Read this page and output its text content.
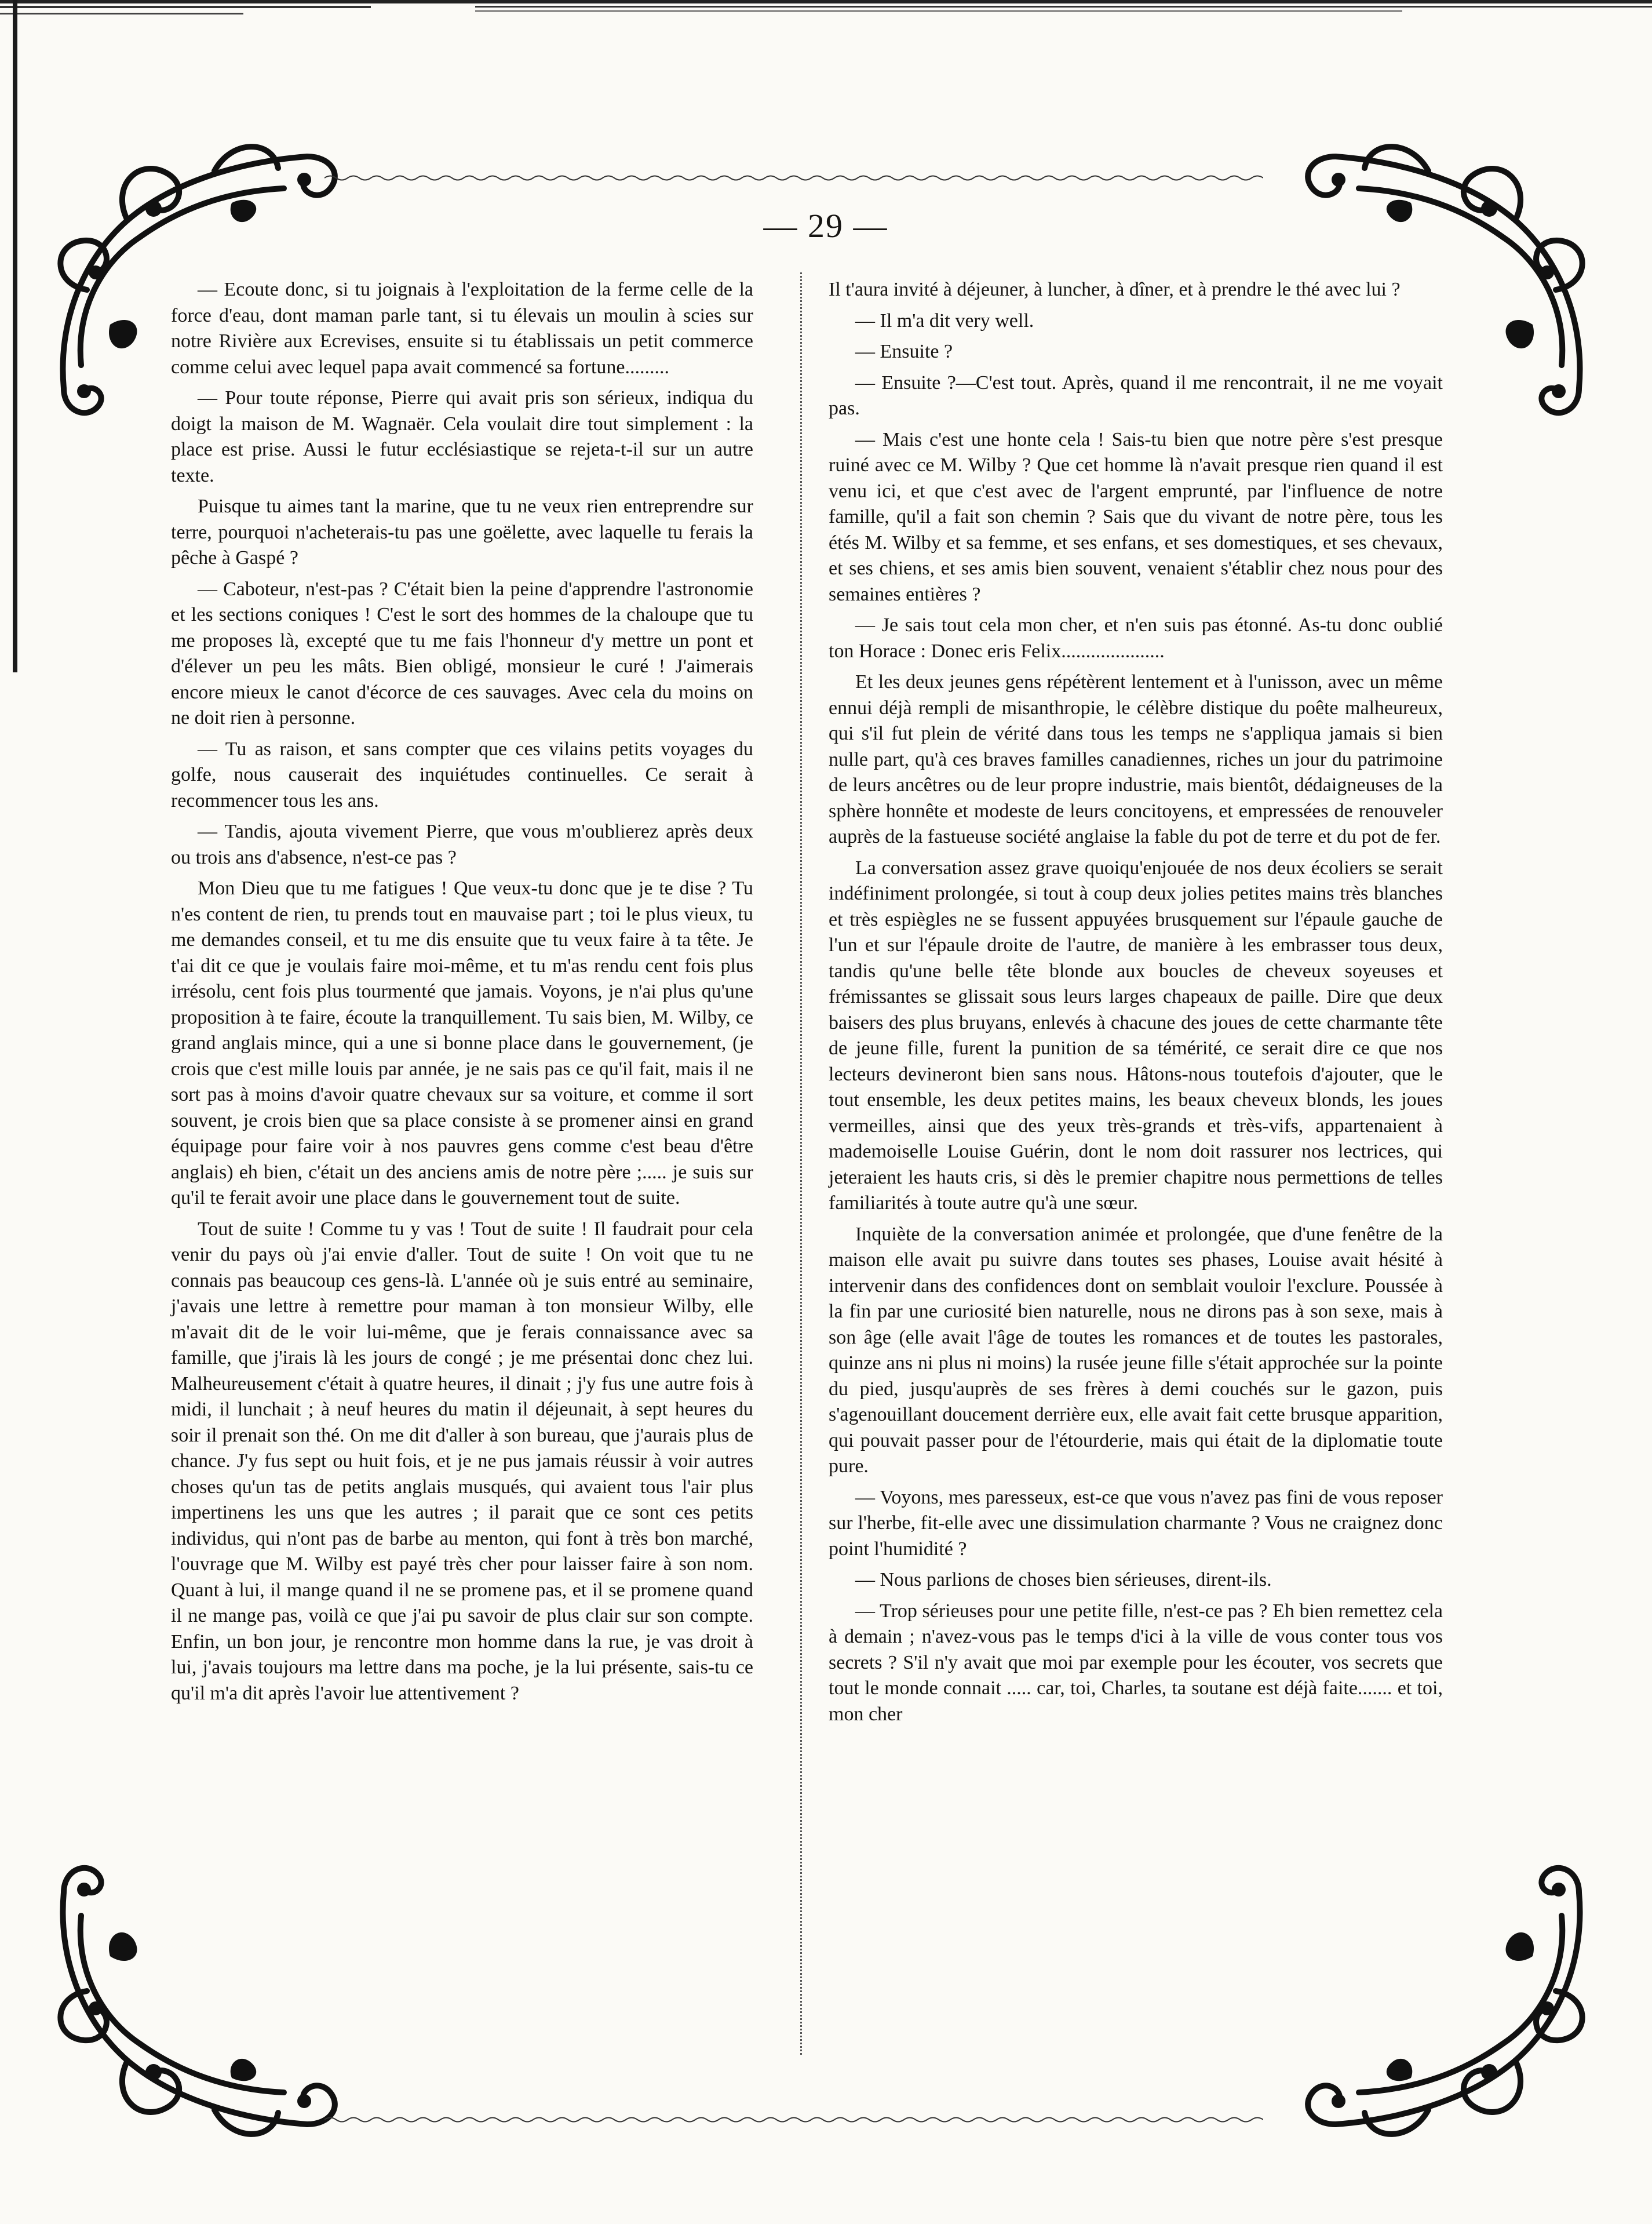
— 29 —

— Ecoute donc, si tu joignais à l'exploitation de la ferme celle de la force d'eau, dont maman parle tant, si tu élevais un moulin à scies sur notre Rivière aux Ecrevises, ensuite si tu établissais un petit commerce comme celui avec lequel papa avait commencé sa fortune.........

— Pour toute réponse, Pierre qui avait pris son sérieux, indiqua du doigt la maison de M. Wagnaër. Cela voulait dire tout simplement : la place est prise. Aussi le futur ecclésiastique se rejeta-t-il sur un autre texte.

Puisque tu aimes tant la marine, que tu ne veux rien entreprendre sur terre, pourquoi n'acheterais-tu pas une goëlette, avec laquelle tu ferais la pêche à Gaspé ?

— Caboteur, n'est-pas ? C'était bien la peine d'apprendre l'astronomie et les sections coniques ! C'est le sort des hommes de la chaloupe que tu me proposes là, excepté que tu me fais l'honneur d'y mettre un pont et d'élever un peu les mâts. Bien obligé, monsieur le curé ! J'aimerais encore mieux le canot d'écorce de ces sauvages. Avec cela du moins on ne doit rien à personne.

— Tu as raison, et sans compter que ces vilains petits voyages du golfe, nous causerait des inquiétudes continuelles. Ce serait à recommencer tous les ans.

— Tandis, ajouta vivement Pierre, que vous m'oublierez après deux ou trois ans d'absence, n'est-ce pas ?

Mon Dieu que tu me fatigues ! Que veux-tu donc que je te dise ? Tu n'es content de rien, tu prends tout en mauvaise part ; toi le plus vieux, tu me demandes conseil, et tu me dis ensuite que tu veux faire à ta tête. Je t'ai dit ce que je voulais faire moi-même, et tu m'as rendu cent fois plus irrésolu, cent fois plus tourmenté que jamais. Voyons, je n'ai plus qu'une proposition à te faire, écoute la tranquillement. Tu sais bien, M. Wilby, ce grand anglais mince, qui a une si bonne place dans le gouvernement, (je crois que c'est mille louis par année, je ne sais pas ce qu'il fait, mais il ne sort pas à moins d'avoir quatre chevaux sur sa voiture, et comme il sort souvent, je crois bien que sa place consiste à se promener ainsi en grand équipage pour faire voir à nos pauvres gens comme c'est beau d'être anglais) eh bien, c'était un des anciens amis de notre père ;..... je suis sur qu'il te ferait avoir une place dans le gouvernement tout de suite.

Tout de suite ! Comme tu y vas ! Tout de suite ! Il faudrait pour cela venir du pays où j'ai envie d'aller. Tout de suite ! On voit que tu ne connais pas beaucoup ces gens-là. L'année où je suis entré au seminaire, j'avais une lettre à remettre pour maman à ton monsieur Wilby, elle m'avait dit de le voir lui-même, que je ferais connaissance avec sa famille, que j'irais là les jours de congé ; je me présentai donc chez lui. Malheureusement c'était à quatre heures, il dinait ; j'y fus une autre fois à midi, il lunchait ; à neuf heures du matin il déjeunait, à sept heures du soir il prenait son thé. On me dit d'aller à son bureau, que j'aurais plus de chance. J'y fus sept ou huit fois, et je ne pus jamais réussir à voir autres choses qu'un tas de petits anglais musqués, qui avaient tous l'air plus impertinens les uns que les autres ; il parait que ce sont ces petits individus, qui n'ont pas de barbe au menton, qui font à très bon marché, l'ouvrage que M. Wilby est payé très cher pour laisser faire à son nom. Quant à lui, il mange quand il ne se promene pas, et il se promene quand il ne mange pas, voilà ce que j'ai pu savoir de plus clair sur son compte. Enfin, un bon jour, je rencontre mon homme dans la rue, je vas droit à lui, j'avais toujours ma lettre dans ma poche, je la lui présente, sais-tu ce qu'il m'a dit après l'avoir lue attentivement ?

Il t'aura invité à déjeuner, à luncher, à dîner, et à prendre le thé avec lui ?

— Il m'a dit very well.

— Ensuite ?

— Ensuite ?—C'est tout. Après, quand il me rencontrait, il ne me voyait pas.

— Mais c'est une honte cela ! Sais-tu bien que notre père s'est presque ruiné avec ce M. Wilby ? Que cet homme là n'avait presque rien quand il est venu ici, et que c'est avec de l'argent emprunté, par l'influence de notre famille, qu'il a fait son chemin ? Sais que du vivant de notre père, tous les étés M. Wilby et sa femme, et ses enfans, et ses domestiques, et ses chevaux, et ses chiens, et ses amis bien souvent, venaient s'établir chez nous pour des semaines entières ?

— Je sais tout cela mon cher, et n'en suis pas étonné. As-tu donc oublié ton Horace : Donec eris Felix.....................

Et les deux jeunes gens répétèrent lentement et à l'unisson, avec un même ennui déjà rempli de misanthropie, le célèbre distique du poête malheureux, qui s'il fut plein de vérité dans tous les temps ne s'appliqua jamais si bien nulle part, qu'à ces braves familles canadiennes, riches un jour du patrimoine de leurs ancêtres ou de leur propre industrie, mais bientôt, dédaigneuses de la sphère honnête et modeste de leurs concitoyens, et empressées de renouveler auprès de la fastueuse société anglaise la fable du pot de terre et du pot de fer.

La conversation assez grave quoiqu'enjouée de nos deux écoliers se serait indéfiniment prolongée, si tout à coup deux jolies petites mains très blanches et très espiègles ne se fussent appuyées brusquement sur l'épaule gauche de l'un et sur l'épaule droite de l'autre, de manière à les embrasser tous deux, tandis qu'une belle tête blonde aux boucles de cheveux soyeuses et frémissantes se glissait sous leurs larges chapeaux de paille. Dire que deux baisers des plus bruyans, enlevés à chacune des joues de cette charmante tête de jeune fille, furent la punition de sa témérité, ce serait dire ce que nos lecteurs devineront bien sans nous. Hâtons-nous toutefois d'ajouter, que le tout ensemble, les deux petites mains, les beaux cheveux blonds, les joues vermeilles, ainsi que des yeux très-grands et très-vifs, appartenaient à mademoiselle Louise Guérin, dont le nom doit rassurer nos lectrices, qui jeteraient les hauts cris, si dès le premier chapitre nous permettions de telles familiarités à toute autre qu'à une sœur.

Inquiète de la conversation animée et prolongée, que d'une fenêtre de la maison elle avait pu suivre dans toutes ses phases, Louise avait hésité à intervenir dans des confidences dont on semblait vouloir l'exclure. Poussée à la fin par une curiosité bien naturelle, nous ne dirons pas à son sexe, mais à son âge (elle avait l'âge de toutes les romances et de toutes les pastorales, quinze ans ni plus ni moins) la rusée jeune fille s'était approchée sur la pointe du pied, jusqu'auprès de ses frères à demi couchés sur le gazon, puis s'agenouillant doucement derrière eux, elle avait fait cette brusque apparition, qui pouvait passer pour de l'étourderie, mais qui était de la diplomatie toute pure.

— Voyons, mes paresseux, est-ce que vous n'avez pas fini de vous reposer sur l'herbe, fit-elle avec une dissimulation charmante ? Vous ne craignez donc point l'humidité ?

— Nous parlions de choses bien sérieuses, dirent-ils.

— Trop sérieuses pour une petite fille, n'est-ce pas ? Eh bien remettez cela à demain ; n'avez-vous pas le temps d'ici à la ville de vous conter tous vos secrets ? S'il n'y avait que moi par exemple pour les écouter, vos secrets que tout le monde connait ..... car, toi, Charles, ta soutane est déjà faite....... et toi, mon cher
